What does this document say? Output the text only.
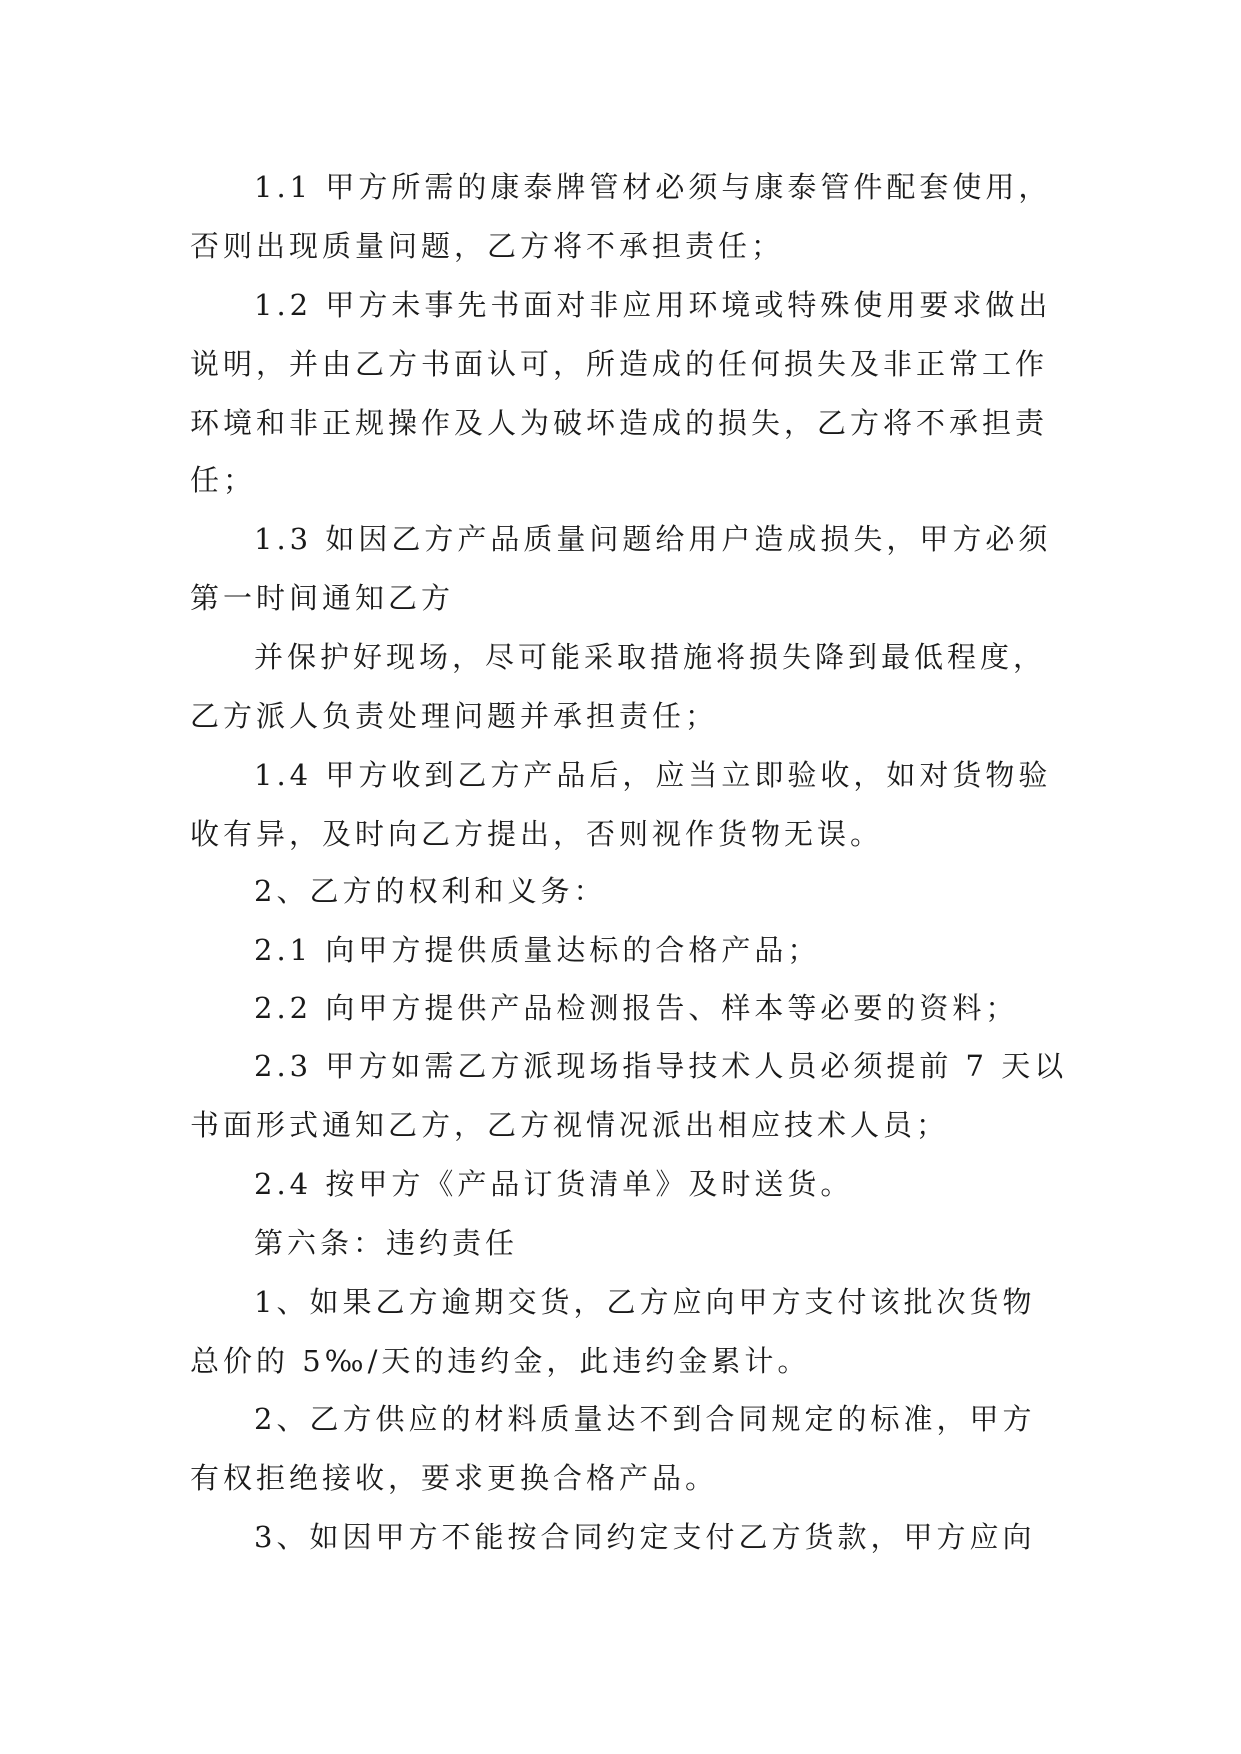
1.1 甲方所需的康泰牌管材必须与康泰管件配套使用，
否则出现质量问题，乙方将不承担责任；
1.2 甲方未事先书面对非应用环境或特殊使用要求做出
说明，并由乙方书面认可，所造成的任何损失及非正常工作
环境和非正规操作及人为破坏造成的损失，乙方将不承担责
任；
1.3 如因乙方产品质量问题给用户造成损失，甲方必须
第一时间通知乙方
并保护好现场，尽可能采取措施将损失降到最低程度，
乙方派人负责处理问题并承担责任；
1.4 甲方收到乙方产品后，应当立即验收，如对货物验
收有异，及时向乙方提出，否则视作货物无误。
2、乙方的权利和义务：
2.1 向甲方提供质量达标的合格产品；
2.2 向甲方提供产品检测报告、样本等必要的资料；
2.3 甲方如需乙方派现场指导技术人员必须提前 7 天以
书面形式通知乙方，乙方视情况派出相应技术人员；
2.4 按甲方《产品订货清单》及时送货。
第六条：违约责任
1、如果乙方逾期交货，乙方应向甲方支付该批次货物
总价的 5‰/天的违约金，此违约金累计。
2、乙方供应的材料质量达不到合同规定的标准，甲方
有权拒绝接收，要求更换合格产品。
3、如因甲方不能按合同约定支付乙方货款，甲方应向
